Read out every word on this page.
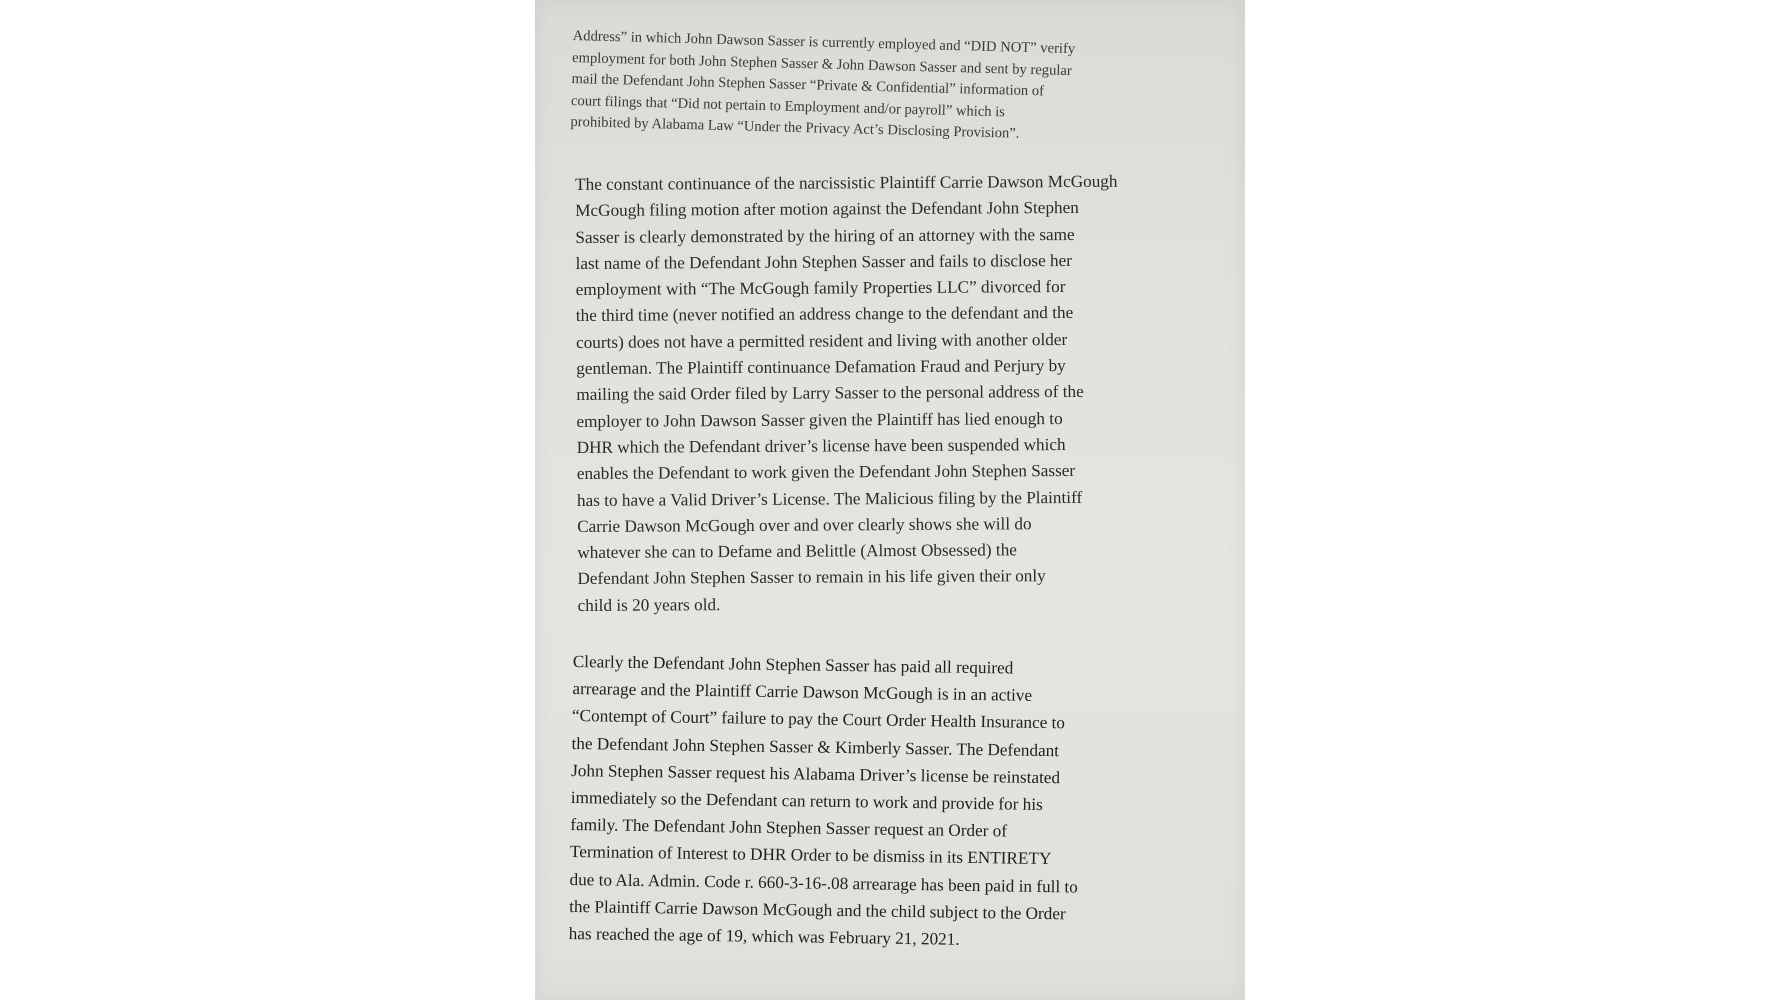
Address” in which John Dawson Sasser is currently employed and “DID NOT” verify
employment for both John Stephen Sasser & John Dawson Sasser and sent by regular
mail the Defendant John Stephen Sasser “Private & Confidential” information of
court filings that “Did not pertain to Employment and/or payroll” which is
prohibited by Alabama Law “Under the Privacy Act’s Disclosing Provision”.

The constant continuance of the narcissistic Plaintiff Carrie Dawson McGough
McGough filing motion after motion against the Defendant John Stephen
Sasser is clearly demonstrated by the hiring of an attorney with the same
last name of the Defendant John Stephen Sasser and fails to disclose her
employment with “The McGough family Properties LLC” divorced for
the third time (never notified an address change to the defendant and the
courts) does not have a permitted resident and living with another older
gentleman. The Plaintiff continuance Defamation Fraud and Perjury by
mailing the said Order filed by Larry Sasser to the personal address of the
employer to John Dawson Sasser given the Plaintiff has lied enough to
DHR which the Defendant driver’s license have been suspended which
enables the Defendant to work given the Defendant John Stephen Sasser
has to have a Valid Driver’s License. The Malicious filing by the Plaintiff
Carrie Dawson McGough over and over clearly shows she will do
whatever she can to Defame and Belittle (Almost Obsessed) the
Defendant John Stephen Sasser to remain in his life given their only
child is 20 years old.

Clearly the Defendant John Stephen Sasser has paid all required
arrearage and the Plaintiff Carrie Dawson McGough is in an active
“Contempt of Court” failure to pay the Court Order Health Insurance to
the Defendant John Stephen Sasser & Kimberly Sasser. The Defendant
John Stephen Sasser request his Alabama Driver’s license be reinstated
immediately so the Defendant can return to work and provide for his
family. The Defendant John Stephen Sasser request an Order of
Termination of Interest to DHR Order to be dismiss in its ENTIRETY
due to Ala. Admin. Code r. 660-3-16-.08 arrearage has been paid in full to
the Plaintiff Carrie Dawson McGough and the child subject to the Order
has reached the age of 19, which was February 21, 2021.
